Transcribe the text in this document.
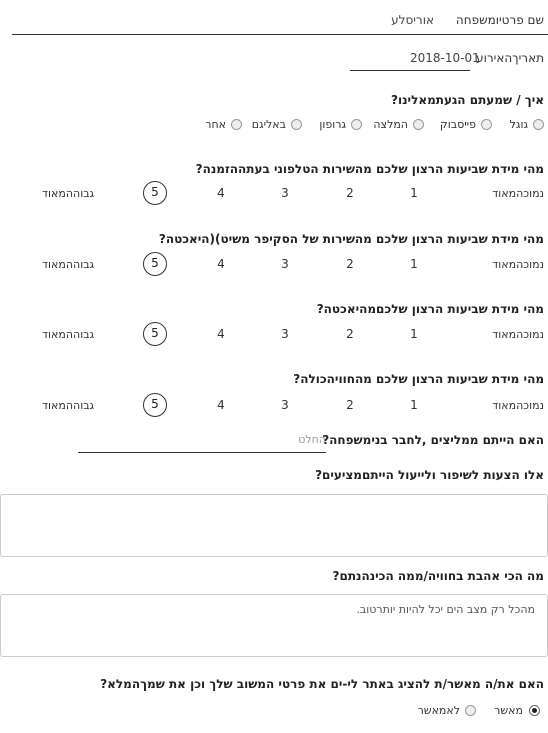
שם פרטיומשפחה
אוריסלע
תאריךהאירוע
2018-10-01
איך / שמעתם הגעתמאלינו?
גוגל
פייסבוק
המלצה
גרופון
באליגם
אחר
מהי מידת שביעות הרצון שלכם מהשירות הטלפוני בעתההזמנה?
נמוכהמאוד
1
2
3
4
5
גבוההמאוד
מהי מידת שביעות הרצון שלכם מהשירות של הסקיפר משיט)(היאכטה?
נמוכהמאוד
1
2
3
4
5
גבוההמאוד
מהי מידת שביעות הרצון שלכםמהיאכטה?
נמוכהמאוד
1
2
3
4
5
גבוההמאוד
מהי מידת שביעות הרצון שלכם מהחוויהכולה?
נמוכהמאוד
1
2
3
4
5
גבוההמאוד
האם הייתם ממליצים ,לחבר בנימשפחה?
החלט
אלו הצעות לשיפור ולייעול הייתםמציעים?
מה הכי אהבת בחוויה/ממה הכינהנתם?
מהכל רק מצב הים יכל להיות יותרטוב.
האם את/ה מאשר/ת להציג באתר לי-ים את פרטי המשוב שלך וכן את שמךהמלא?
מאשר
לאמאשר
